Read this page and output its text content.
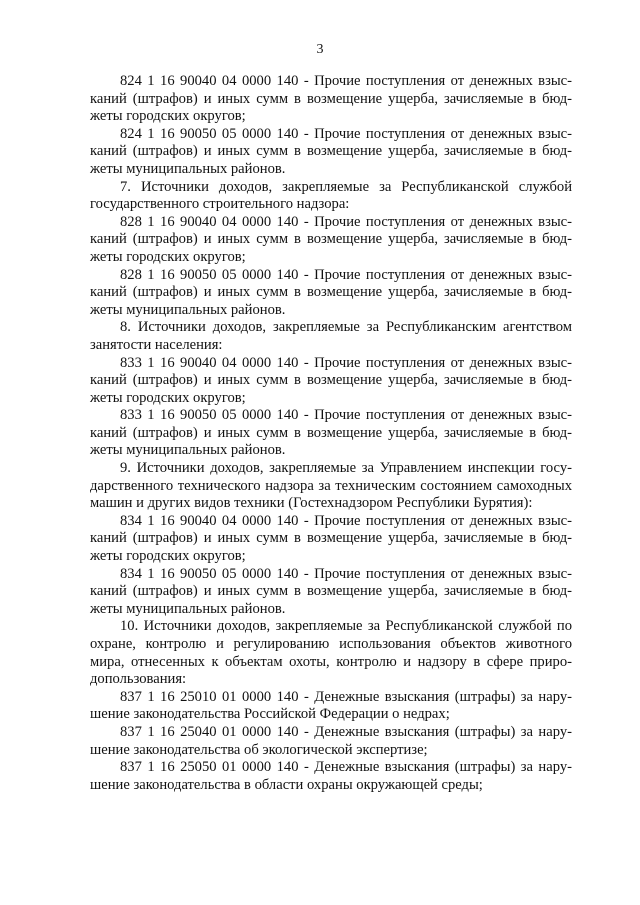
3

824 1 16 90040 04 0000 140 - Прочие поступления от денежных взысканий (штрафов) и иных сумм в возмещение ущерба, зачисляемые в бюджеты городских округов;

824 1 16 90050 05 0000 140 - Прочие поступления от денежных взысканий (штрафов) и иных сумм в возмещение ущерба, зачисляемые в бюджеты муниципальных районов.

7. Источники доходов, закрепляемые за Республиканской службой государственного строительного надзора:

828 1 16 90040 04 0000 140 - Прочие поступления от денежных взысканий (штрафов) и иных сумм в возмещение ущерба, зачисляемые в бюджеты городских округов;

828 1 16 90050 05 0000 140 - Прочие поступления от денежных взысканий (штрафов) и иных сумм в возмещение ущерба, зачисляемые в бюджеты муниципальных районов.

8. Источники доходов, закрепляемые за Республиканским агентством занятости населения:

833 1 16 90040 04 0000 140 - Прочие поступления от денежных взысканий (штрафов) и иных сумм в возмещение ущерба, зачисляемые в бюджеты городских округов;

833 1 16 90050 05 0000 140 - Прочие поступления от денежных взысканий (штрафов) и иных сумм в возмещение ущерба, зачисляемые в бюджеты муниципальных районов.

9. Источники доходов, закрепляемые за Управлением инспекции государственного технического надзора за техническим состоянием самоходных машин и других видов техники (Гостехнадзором Республики Бурятия):

834 1 16 90040 04 0000 140 - Прочие поступления от денежных взысканий (штрафов) и иных сумм в возмещение ущерба, зачисляемые в бюджеты городских округов;

834 1 16 90050 05 0000 140 - Прочие поступления от денежных взысканий (штрафов) и иных сумм в возмещение ущерба, зачисляемые в бюджеты муниципальных районов.

10. Источники доходов, закрепляемые за Республиканской службой по охране, контролю и регулированию использования объектов животного мира, отнесенных к объектам охоты, контролю и надзору в сфере природопользования:

837 1 16 25010 01 0000 140 - Денежные взыскания (штрафы) за нарушение законодательства Российской Федерации о недрах;

837 1 16 25040 01 0000 140 - Денежные взыскания (штрафы) за нарушение законодательства об экологической экспертизе;

837 1 16 25050 01 0000 140 - Денежные взыскания (штрафы) за нарушение законодательства в области охраны окружающей среды;
